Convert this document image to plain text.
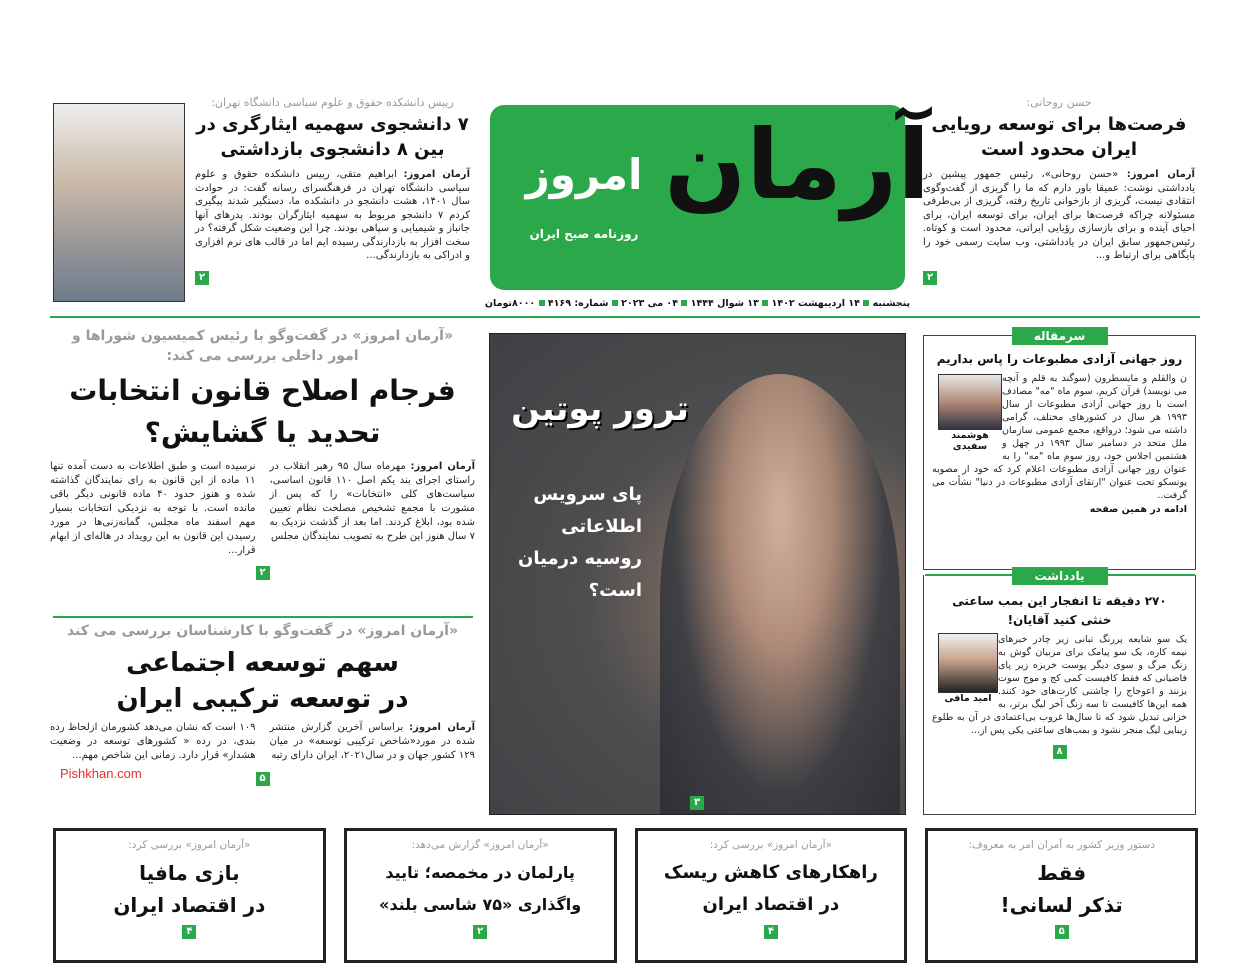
امروز
روزنامه صبح ایران
آرمان
پنجشنبه  ۱۴ اردیبهشت ۱۴۰۲  ۱۳ شوال ۱۴۴۴  ۰۴ می ۲۰۲۳  شماره: ۴۱۶۹  ۸۰۰۰تومان
حسن روحانی:
فرصت‌ها برای توسعه رویایی ایران محدود است
آرمان امروز: «حسن روحانی»، رئیس جمهور پیشین در یادداشتی نوشت: عمیقا باور دارم که ما را گریزی از گفت‌وگوی انتقادی نیست، گریزی از بازخوانی تاریخ رفته، گریزی از بی‌طرفی مسئولانه چراکه فرصت‌ها برای ایران، برای توسعه ایران، برای احیای آینده و برای بازسازی رؤیایی ایرانی، محدود است و کوتاه. رئیس‌جمهور سابق ایران در یادداشتی، وب سایت رسمی خود را پایگاهی برای ارتباط و...
۲
رییس دانشکده حقوق و علوم سیاسی دانشگاه تهران:
۷ دانشجوی سهمیه ایثارگری در بین ۸ دانشجوی بازداشتی
آرمان امروز: ابراهیم متقی، رییس دانشکده حقوق و علوم سیاسی دانشگاه تهران در فرهنگسرای رسانه گفت: در حوادث سال ۱۴۰۱، هشت دانشجو در دانشکده ما، دستگیر شدند پیگیری کردم ۷ دانشجو مربوط به سهمیه ایثارگران بودند. پدرهای آنها جانباز و شیمیایی و سپاهی بودند. چرا این وضعیت شکل گرفته؟ در سخت افزار به بازدارندگی رسیده ایم اما در قالب های نرم افزاری و ادراکی به بازدارندگی...
۲
«آرمان امروز» در گفت‌وگو با رئیس کمیسیون شوراها و امور داخلی بررسی می کند:
فرجام اصلاح قانون انتخابات
تحدید یا گشایش؟
آرمان امروز: مهرماه سال ۹۵ رهبر انقلاب در راستای اجرای بند یکم اصل ۱۱۰ قانون اساسی، سیاست‌های کلی «انتخابات» را که پس از مشورت با مجمع تشخیص مصلحت نظام تعیین شده بود، ابلاغ کردند. اما بعد از گذشت نزدیک به ۷ سال هنوز این طرح به تصویب نمایندگان مجلس
نرسیده است و طبق اطلاعات به دست آمده تنها ۱۱ ماده از این قانون به رای نمایندگان گذاشته شده و هنوز حدود ۴۰ ماده قانونی دیگر باقی مانده است. با توجه به نزدیکی انتخابات بسیار مهم اسفند ماه مجلس، گمانه‌زنی‌ها در مورد رسیدن این قانون به این رویداد در هاله‌ای از ابهام قرار...
۲
«آرمان امروز» در گفت‌وگو با کارشناسان بررسی می کند
سهم توسعه اجتماعی
در توسعه ترکیبی ایران
آرمان امروز: براساس آخرین گزارش منتشر شده در مورد«شاخص ترکیبی توسعه» در میان ۱۲۹ کشور جهان و در سال۲۰۲۱، ایران دارای رتبه
۱۰۹ است که نشان می‌دهد کشورمان ازلحاظ رده بندی، در رده « کشورهای توسعه در وضعیت هشدار» قرار دارد. زمانی این شاخص مهم...
۵
Pishkhan.com
ترور پوتین
پای سرویس اطلاعاتی روسیه درمیان است؟
۳
سرمقاله
روز جهانی آزادی مطبوعات را پاس بداریم
هوشمند سفیدی
ن والقلم و مایسطرون (سوگند به قلم و آنچه می نویسد) قرآن کریم. سوم ماه "مه" مصادف است با روز جهانی آزادی مطبوعات از سال ۱۹۹۳ هر سال در کشورهای مختلف، گرامی داشته می شود؛ درواقع، مجمع عمومی سازمان ملل متحد در دسامبر سال ۱۹۹۳ در چهل و هشتمین اجلاس خود، روز سوم ماه "مه" را به عنوان روز جهانی آزادی مطبوعات اعلام کرد که خود از مصوبه یونسکو تحت عنوان "ارتقای آزادی مطبوعات در دنیا" نشأت می گرفت..
ادامه در همین صفحه
یادداشت
۲۷۰ دقیقه تا انفجار این بمب ساعتی
خنثی کنید آقایان!
امید مافی
یک سو شایعه پررنگ تبانی زیر چادر خبرهای نیمه کاره، یک سو پیامک برای مربیان گوش به زنگ مرگ و سوی دیگر پوست خربزه زیر پای فاضیانی که فقط کافیست کمی کج و موج سوت بزنند و اعوجاج را چاشنی کارت‌های خود کنند. همه این‌ها کافیست تا سه زنگ آخر لیگ برتر، به خزانی تبدیل شود که تا سال‌ها غروب بی‌اعتمادی در آن به طلوع زیبایی لیگ منجر نشود و بمب‌های ساعتی یکی پس از...
۸
دستور وزیر کشور به آمران امر به معروف:
فقط
تذکر لسانی!
۵
«آرمان امروز» بررسی کرد:
راهکارهای کاهش ریسک
در اقتصاد ایران
۴
«آرمان امروز» گزارش می‌دهد:
پارلمان در مخمصه؛ تایید
واگذاری «۷۵ شاسی بلند»
۲
«آرمان امروز» بررسی کرد:
بازی مافیا
در اقتصاد ایران
۴
